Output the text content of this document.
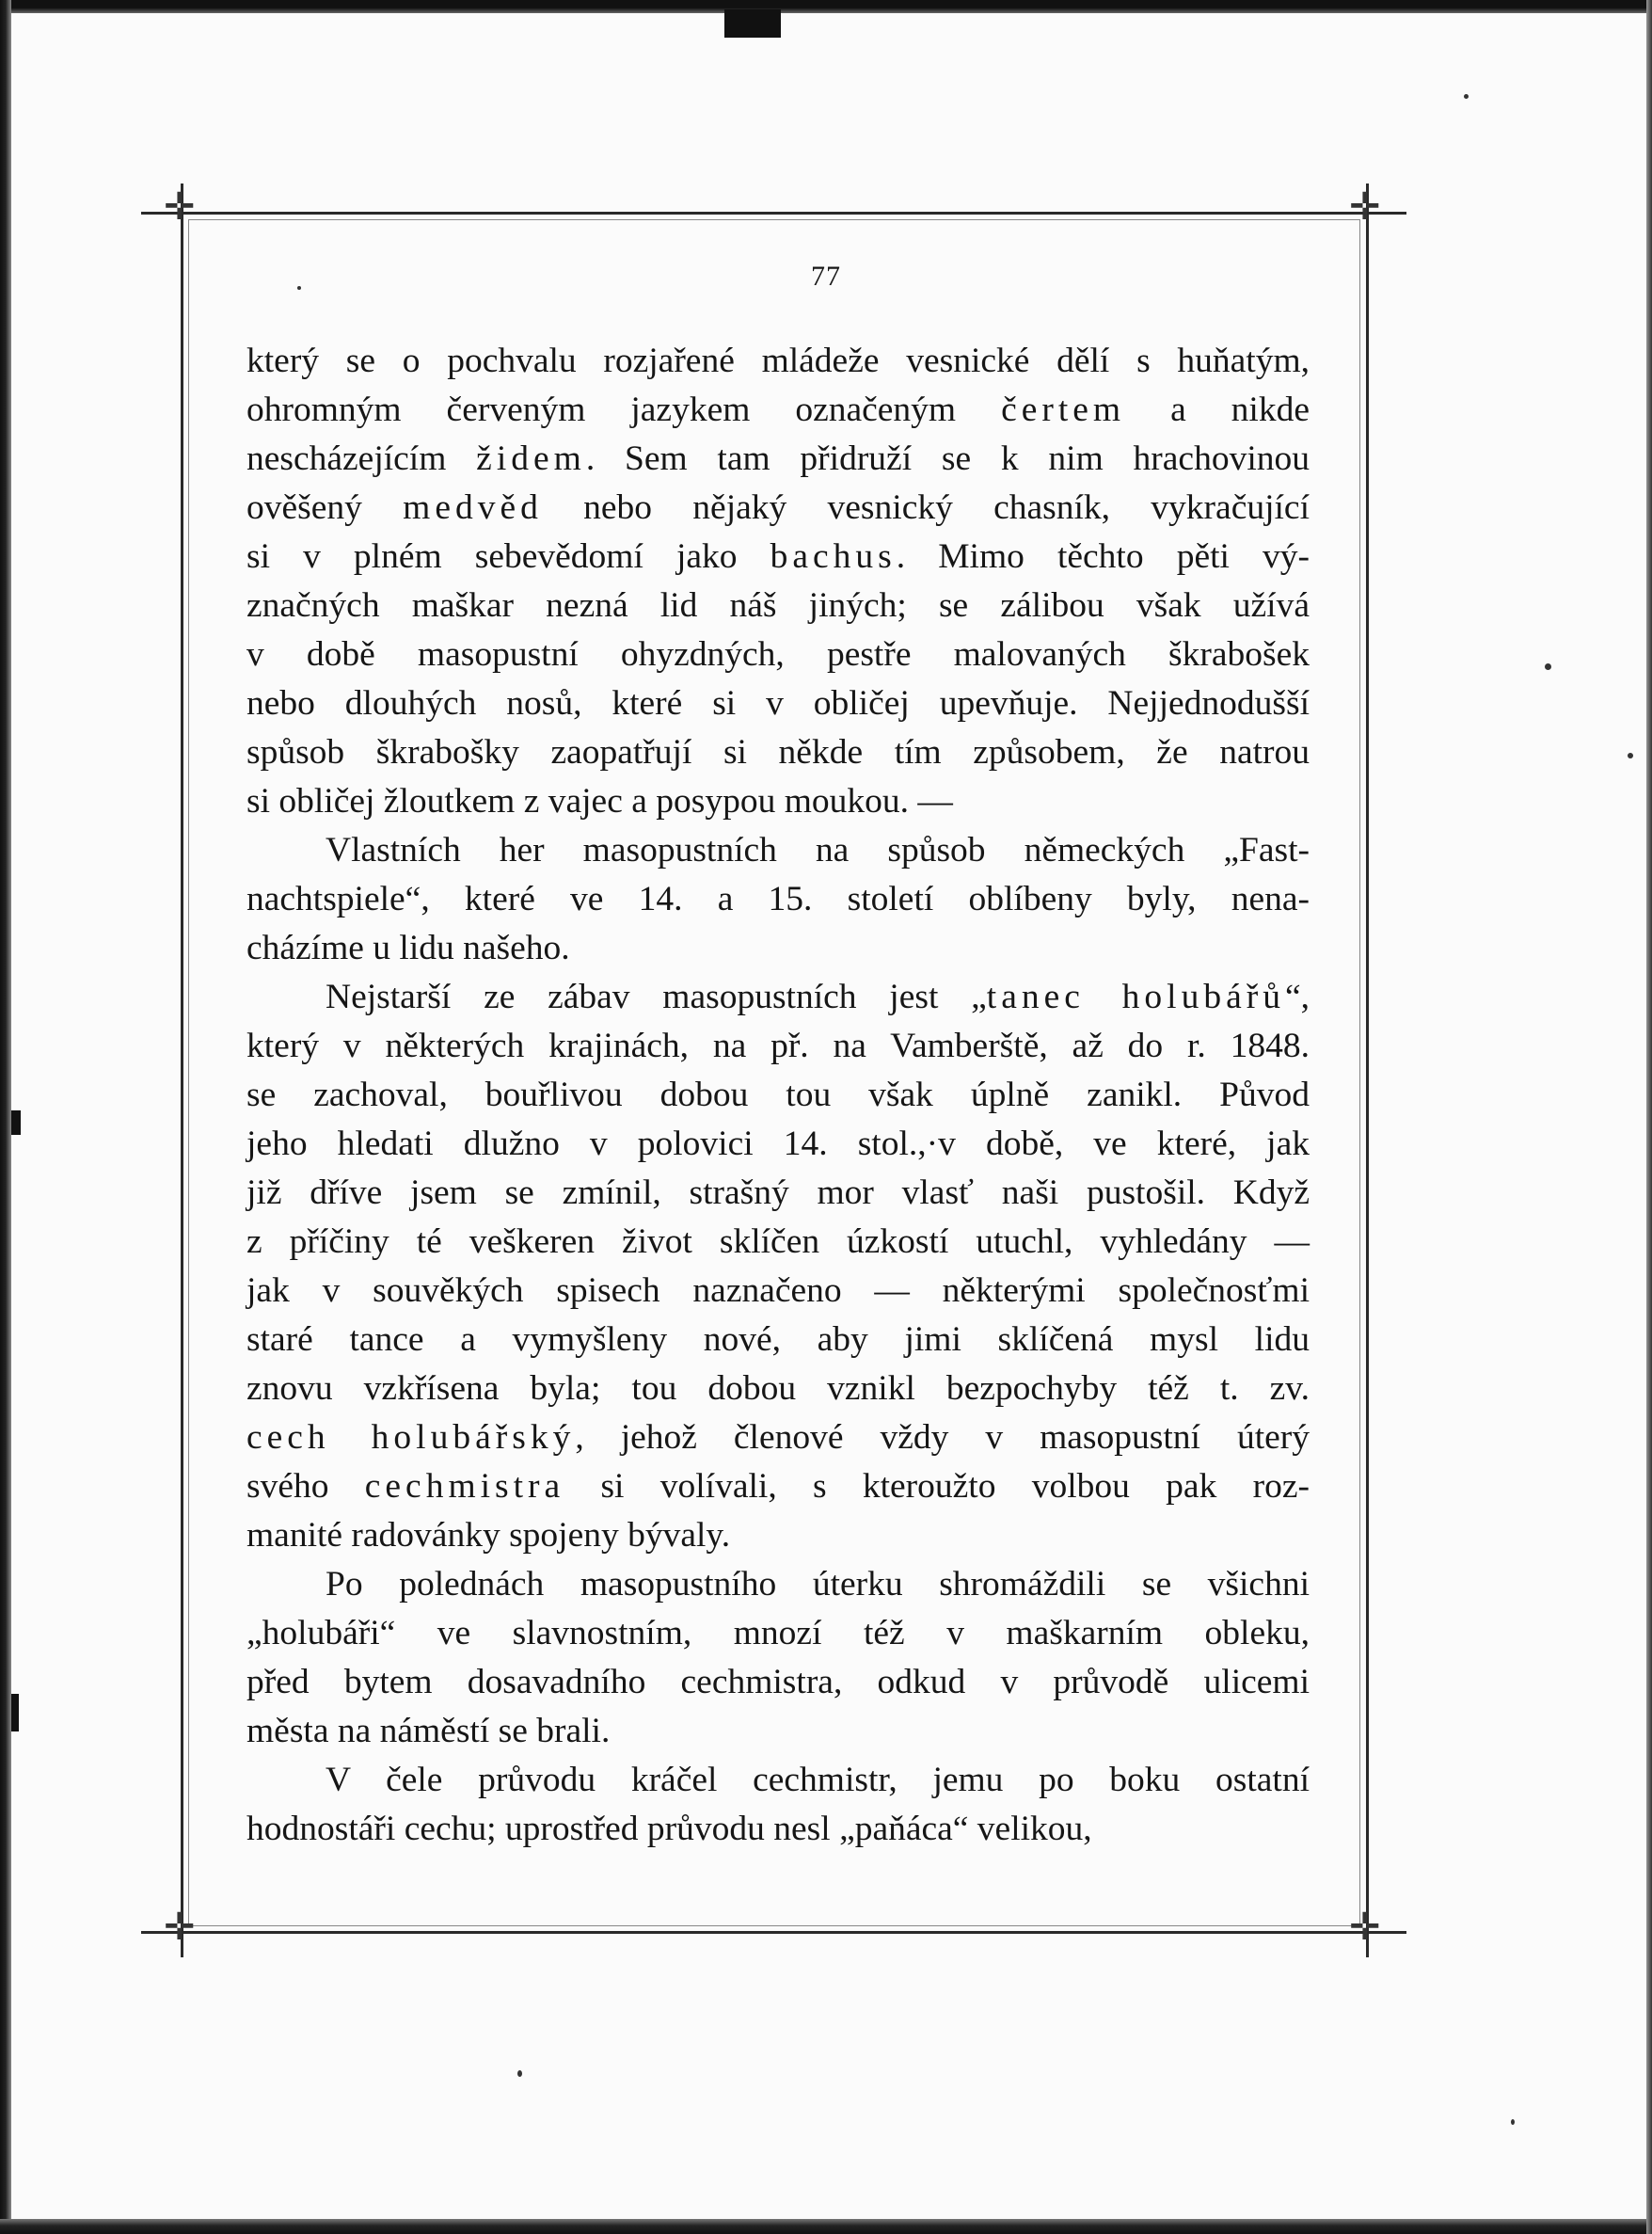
✛	✛
✛	✛
77
který se o pochvalu rozjařené mládeže vesnické dělí s huňatým,
ohromným červeným jazykem označeným čertem a nikde
nescházejícím židem. Sem tam přidruží se k nim hrachovinou
ověšený medvěd nebo nějaký vesnický chasník, vykračující
si v plném sebevědomí jako bachus. Mimo těchto pěti vý-
značných maškar nezná lid náš jiných; se zálibou však užívá
v době masopustní ohyzdných, pestře malovaných škrabošek
nebo dlouhých nosů, které si v obličej upevňuje. Nejjednodušší
spůsob škrabošky zaopatřují si někde tím způsobem, že natrou
si obličej žloutkem z vajec a posypou moukou. —
Vlastních her masopustních na spůsob německých „Fast-
nachtspiele“, které ve 14. a 15. století oblíbeny byly, nena-
cházíme u lidu našeho.
Nejstarší ze zábav masopustních jest „tanec holubářů“,
který v některých krajinách, na př. na Vamberště, až do r. 1848.
se zachoval, bouřlivou dobou tou však úplně zanikl. Původ
jeho hledati dlužno v polovici 14. stol.,·v době, ve které, jak
již dříve jsem se zmínil, strašný mor vlasť naši pustošil. Když
z příčiny té veškeren život sklíčen úzkostí utuchl, vyhledány —
jak v souvěkých spisech naznačeno — některými společnosťmi
staré tance a vymyšleny nové, aby jimi sklíčená mysl lidu
znovu vzkřísena byla; tou dobou vznikl bezpochyby též t. zv.
cech holubářský, jehož členové vždy v masopustní úterý
svého cechmistra si volívali, s kteroužto volbou pak roz-
manité radovánky spojeny bývaly.
Po polednách masopustního úterku shromáždili se všichni
„holubáři“ ve slavnostním, mnozí též v maškarním obleku,
před bytem dosavadního cechmistra, odkud v průvodě ulicemi
města na náměstí se brali.
V čele průvodu kráčel cechmistr, jemu po boku ostatní
hodnostáři cechu; uprostřed průvodu nesl „paňáca“ velikou,
